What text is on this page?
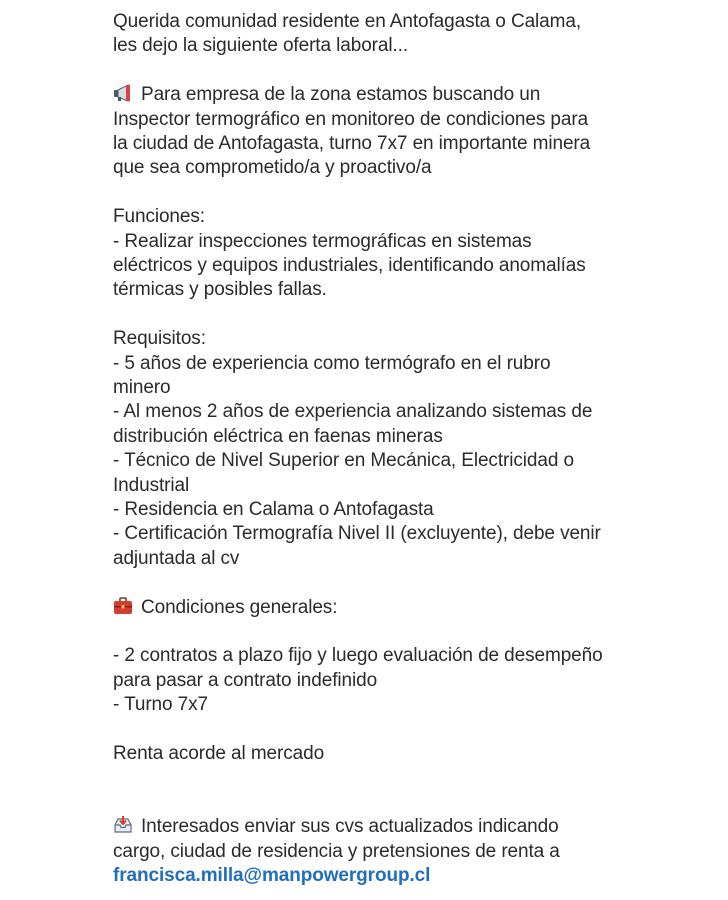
Querida comunidad residente en Antofagasta o Calama,
les dejo la siguiente oferta laboral...
Para empresa de la zona estamos buscando un
Inspector termográfico en monitoreo de condiciones para
la ciudad de Antofagasta, turno 7x7 en importante minera
que sea comprometido/a y proactivo/a
Funciones:
- Realizar inspecciones termográficas en sistemas
eléctricos y equipos industriales, identificando anomalías
térmicas y posibles fallas.
Requisitos:
- 5 años de experiencia como termógrafo en el rubro
minero
- Al menos 2 años de experiencia analizando sistemas de
distribución eléctrica en faenas mineras
- Técnico de Nivel Superior en Mecánica, Electricidad o
Industrial
- Residencia en Calama o Antofagasta
- Certificación Termografía Nivel II (excluyente), debe venir
adjuntada al cv
Condiciones generales:
- 2 contratos a plazo fijo y luego evaluación de desempeño
para pasar a contrato indefinido
- Turno 7x7
Renta acorde al mercado
Interesados enviar sus cvs actualizados indicando
cargo, ciudad de residencia y pretensiones de renta a
francisca.milla@manpowergroup.cl
